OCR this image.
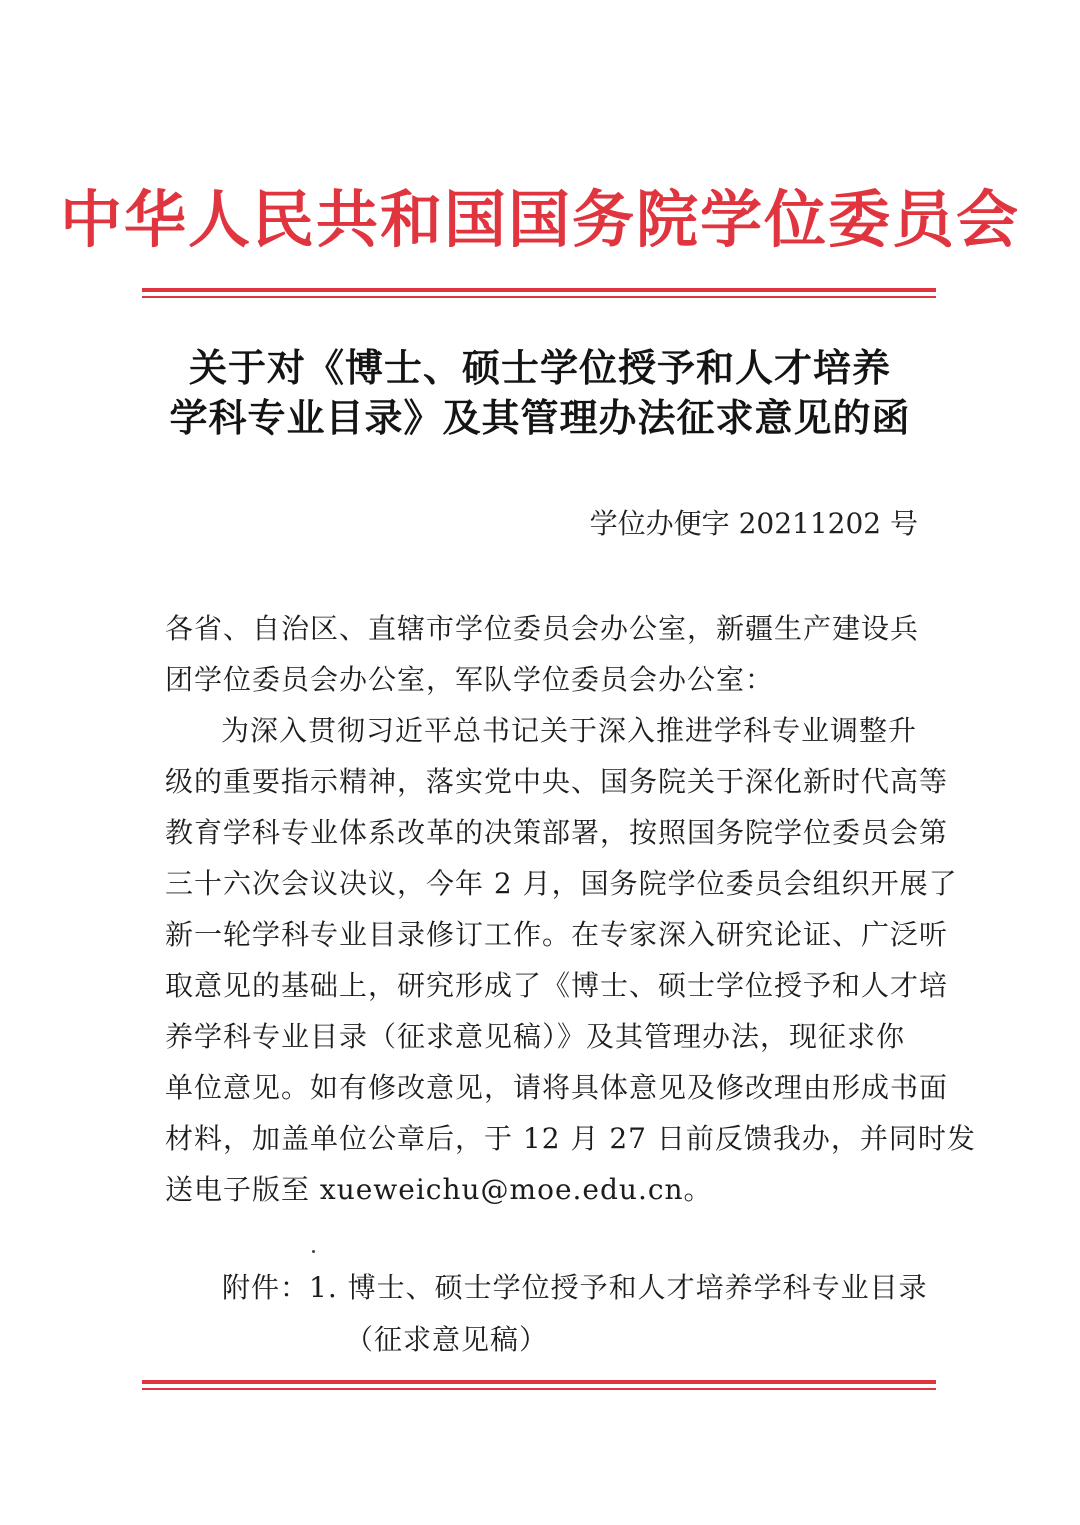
中华人民共和国国务院学位委员会
关于对《博士、硕士学位授予和人才培养
学科专业目录》及其管理办法征求意见的函
学位办便字 20211202 号
各省、自治区、直辖市学位委员会办公室，新疆生产建设兵
团学位委员会办公室，军队学位委员会办公室：
为深入贯彻习近平总书记关于深入推进学科专业调整升
级的重要指示精神，落实党中央、国务院关于深化新时代高等
教育学科专业体系改革的决策部署，按照国务院学位委员会第
三十六次会议决议，今年 2 月，国务院学位委员会组织开展了
新一轮学科专业目录修订工作。在专家深入研究论证、广泛听
取意见的基础上，研究形成了《博士、硕士学位授予和人才培
养学科专业目录（征求意见稿）》及其管理办法，现征求你
单位意见。如有修改意见，请将具体意见及修改理由形成书面
材料，加盖单位公章后，于 12 月 27 日前反馈我办，并同时发
送电子版至 xueweichu@moe.edu.cn。
附件：1. 博士、硕士学位授予和人才培养学科专业目录
（征求意见稿）
